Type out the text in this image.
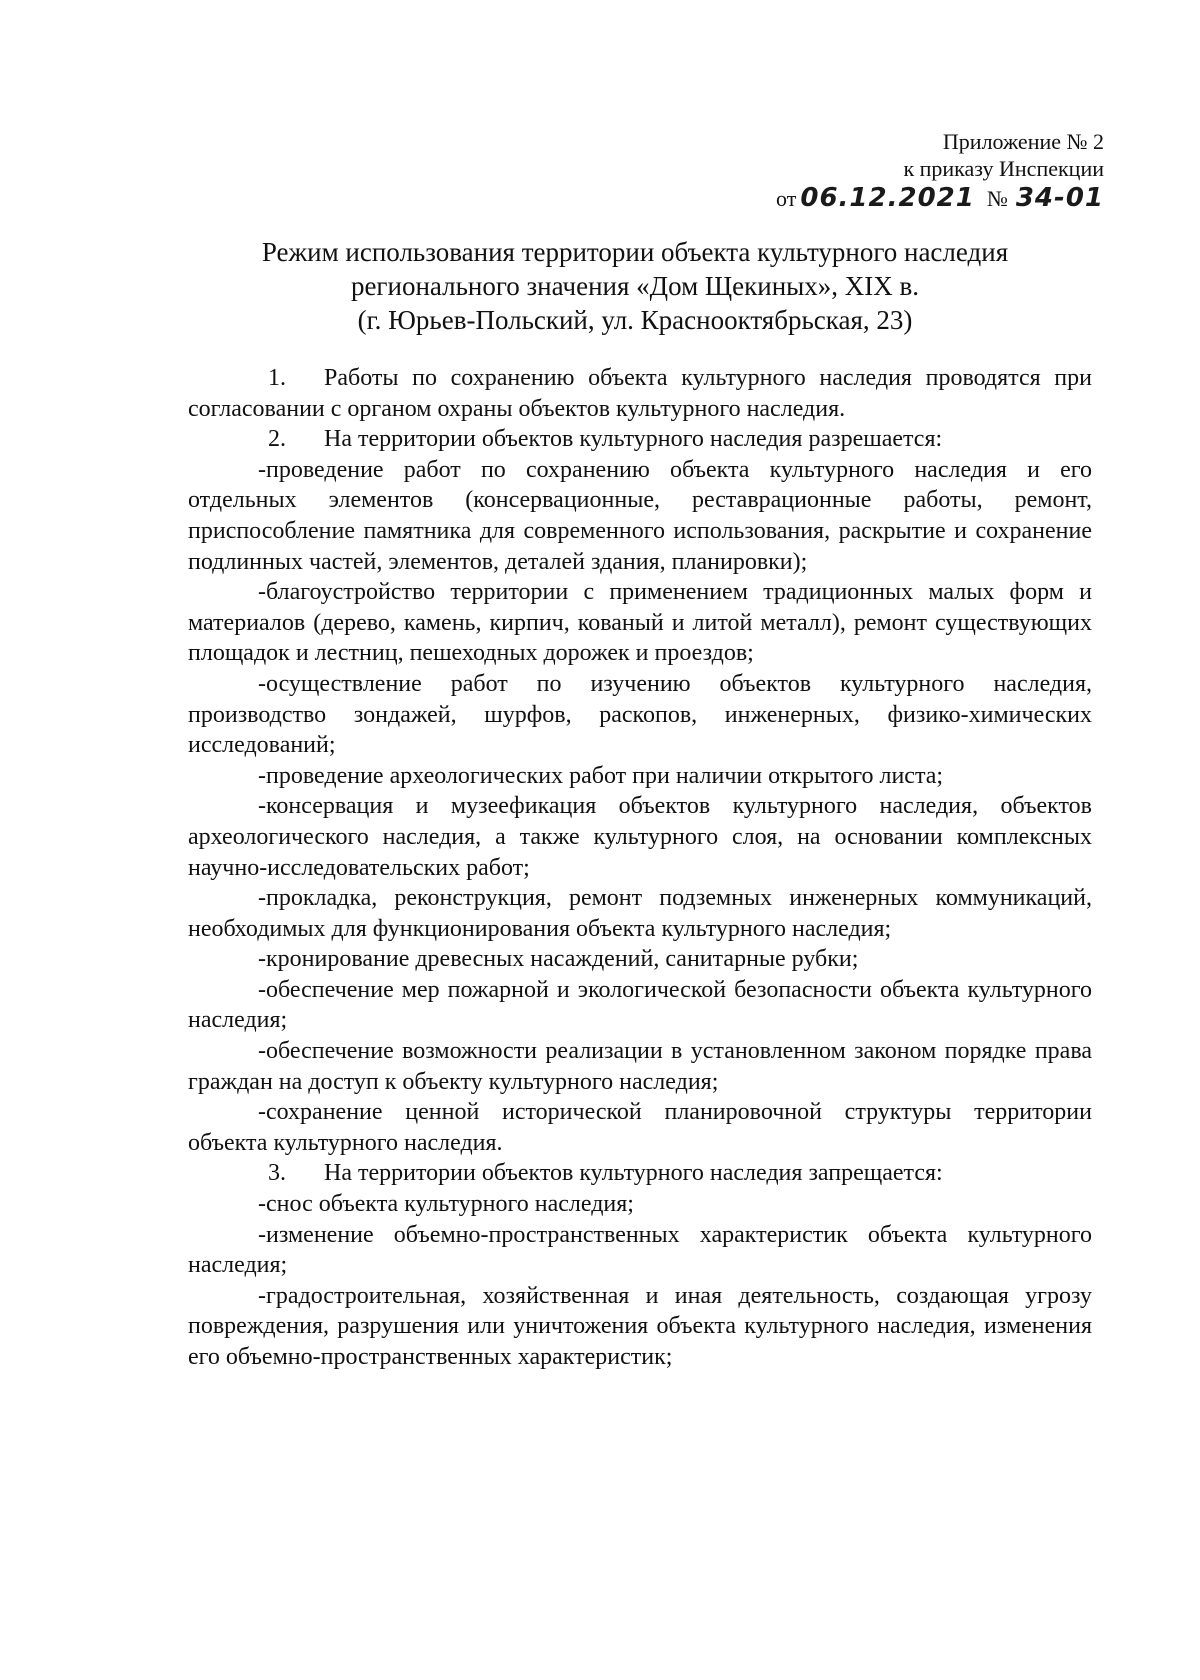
Приложение № 2
к приказу Инспекции
от 06.12.2021 № 34-01
Режим использования территории объекта культурного наследия
регионального значения «Дом Щекиных», XIX в.
(г. Юрьев-Польский, ул. Краснооктябрьская, 23)

1. Работы по сохранению объекта культурного наследия проводятся при согласовании с органом охраны объектов культурного наследия.

2. На территории объектов культурного наследия разрешается:

-проведение работ по сохранению объекта культурного наследия и его отдельных элементов (консервационные, реставрационные работы, ремонт, приспособление памятника для современного использования, раскрытие и сохранение подлинных частей, элементов, деталей здания, планировки);

-благоустройство территории с применением традиционных малых форм и материалов (дерево, камень, кирпич, кованый и литой металл), ремонт существующих площадок и лестниц, пешеходных дорожек и проездов;

-осуществление работ по изучению объектов культурного наследия, производство зондажей, шурфов, раскопов, инженерных, физико-химических исследований;

-проведение археологических работ при наличии открытого листа;

-консервация и музеефикация объектов культурного наследия, объектов археологического наследия, а также культурного слоя, на основании комплексных научно-исследовательских работ;

-прокладка, реконструкция, ремонт подземных инженерных коммуникаций, необходимых для функционирования объекта культурного наследия;

-кронирование древесных насаждений, санитарные рубки;

-обеспечение мер пожарной и экологической безопасности объекта культурного наследия;

-обеспечение возможности реализации в установленном законом порядке права граждан на доступ к объекту культурного наследия;

-сохранение ценной исторической планировочной структуры территории объекта культурного наследия.

3. На территории объектов культурного наследия запрещается:

-снос объекта культурного наследия;

-изменение объемно-пространственных характеристик объекта культурного наследия;

-градостроительная, хозяйственная и иная деятельность, создающая угрозу повреждения, разрушения или уничтожения объекта культурного наследия, изменения его объемно-пространственных характеристик;
